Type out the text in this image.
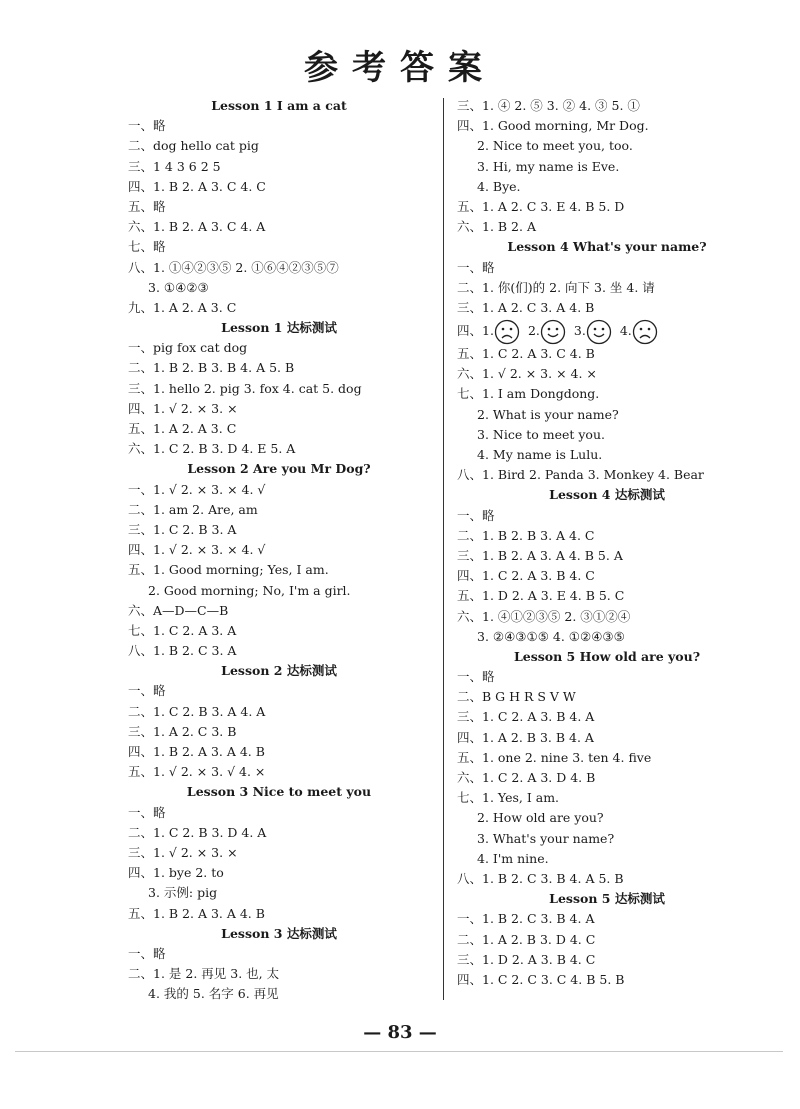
参考答案
Lesson 1 I am a cat
一、略
二、dog hello cat pig
三、1 4 3 6 2 5
四、1. B 2. A 3. C 4. C
五、略
六、1. B 2. A 3. C 4. A
七、略
八、1. ①④②③⑤ 2. ①⑥④②③⑤⑦
3. ①④②③
九、1. A 2. A 3. C
Lesson 1 达标测试
一、pig fox cat dog
二、1. B 2. B 3. B 4. A 5. B
三、1. hello 2. pig 3. fox 4. cat 5. dog
四、1. √ 2. × 3. ×
五、1. A 2. A 3. C
六、1. C 2. B 3. D 4. E 5. A
Lesson 2 Are you Mr Dog?
一、1. √ 2. × 3. × 4. √
二、1. am 2. Are, am
三、1. C 2. B 3. A
四、1. √ 2. × 3. × 4. √
五、1. Good morning; Yes, I am.
2. Good morning; No, I'm a girl.
六、A—D—C—B
七、1. C 2. A 3. A
八、1. B 2. C 3. A
Lesson 2 达标测试
一、略
二、1. C 2. B 3. A 4. A
三、1. A 2. C 3. B
四、1. B 2. A 3. A 4. B
五、1. √ 2. × 3. √ 4. ×
Lesson 3 Nice to meet you
一、略
二、1. C 2. B 3. D 4. A
三、1. √ 2. × 3. ×
四、1. bye 2. to
3. 示例: pig
五、1. B 2. A 3. A 4. B
Lesson 3 达标测试
一、略
二、1. 是 2. 再见 3. 也, 太
4. 我的 5. 名字 6. 再见
三、1. ④ 2. ⑤ 3. ② 4. ③ 5. ①
四、1. Good morning, Mr Dog.
2. Nice to meet you, too.
3. Hi, my name is Eve.
4. Bye.
五、1. A 2. C 3. E 4. B 5. D
六、1. B 2. A
Lesson 4 What's your name?
一、略
二、1. 你(们)的 2. 向下 3. 坐 4. 请
三、1. A 2. C 3. A 4. B
四、1.	2.	3.	4.
五、1. C 2. A 3. C 4. B
六、1. √ 2. × 3. × 4. ×
七、1. I am Dongdong.
2. What is your name?
3. Nice to meet you.
4. My name is Lulu.
八、1. Bird 2. Panda 3. Monkey 4. Bear
Lesson 4 达标测试
一、略
二、1. B 2. B 3. A 4. C
三、1. B 2. A 3. A 4. B 5. A
四、1. C 2. A 3. B 4. C
五、1. D 2. A 3. E 4. B 5. C
六、1. ④①②③⑤ 2. ③①②④
3. ②④③①⑤ 4. ①②④③⑤
Lesson 5 How old are you?
一、略
二、B G H R S V W
三、1. C 2. A 3. B 4. A
四、1. A 2. B 3. B 4. A
五、1. one 2. nine 3. ten 4. five
六、1. C 2. A 3. D 4. B
七、1. Yes, I am.
2. How old are you?
3. What's your name?
4. I'm nine.
八、1. B 2. C 3. B 4. A 5. B
Lesson 5 达标测试
一、1. B 2. C 3. B 4. A
二、1. A 2. B 3. D 4. C
三、1. D 2. A 3. B 4. C
四、1. C 2. C 3. C 4. B 5. B
— 83 —
